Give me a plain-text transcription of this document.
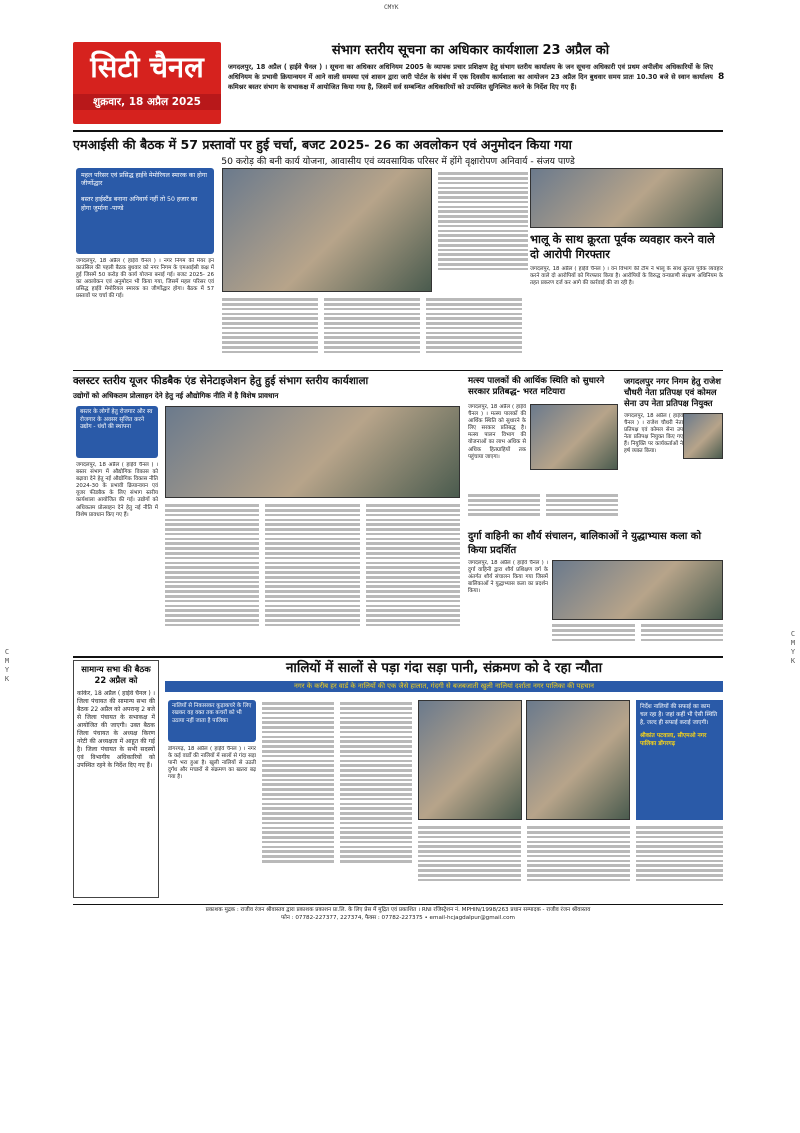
CMYK
C
M
Y
K
C
M
Y
K
सिटी चैनल
शुक्रवार, 18 अप्रैल 2025
संभाग स्तरीय सूचना का अधिकार कार्यशाला 23 अप्रैल को
जगदलपुर, 18 अप्रैल ( हाईवे चैनल ) । सूचना का अधिकार अधिनियम 2005 के व्यापक प्रचार प्रशिक्षण हेतु संभाग स्तरीय कार्यालय के जन सूचना अधिकारी एवं प्रथम अपीलीय अधिकारियों के लिए अधिनियम के प्रभावी क्रियान्वयन में आने वाली समस्या एवं शासन द्वारा जारी पोर्टल के संबंध में एक दिवसीय कार्यशाला का आयोजन 23 अप्रैल दिन बुधवार समय प्रातः 10.30 बजे से स्वान कार्यालय कमिश्नर बस्तर संभाग के सभाकक्ष में आयोजित किया गया है, जिसमें सर्व सम्बन्धित अधिकारियों को उपस्थित सुनिश्चित करने के निर्देश दिए गए हैं।
8
एमआईसी की बैठक में 57 प्रस्तावों पर हुई चर्चा, बजट 2025- 26 का अवलोकन एवं अनुमोदन किया गया
50 करोड़ की बनी कार्य योजना, आवासीय एवं व्यवसायिक परिसर में होंगे वृक्षारोपण अनिवार्य - संजय पाण्डे
महल परिसर एवं प्रसिद्ध हाईवे मेमोरियल स्मारक का होगा जीर्णोद्धार
बस्तर हाईस्टैंड बनाना अनिवार्य नहीं तो 50 हजार का होगा जुर्माना -पाण्डे
जगदलपुर, 18 अप्रैल ( हाईवे चैनल ) । नगर निगम की मेयर इन काउंसिल की पहली बैठक बुधवार को नगर निगम के एमआईसी कक्ष में हुई जिसमें 50 करोड़ की कार्य योजना बनाई गई। बजट 2025- 26 का अवलोकन एवं अनुमोदन भी किया गया, जिसमें महल परिसर एवं प्रसिद्ध हाईवे मेमोरियल स्मारक का जीर्णोद्धार होगा। बैठक में 57 प्रस्तावों पर चर्चा की गई।
भालू के साथ क्रूरता पूर्वक व्यवहार करने वाले दो आरोपी गिरफ्तार
जगदलपुर, 18 अप्रैल ( हाईवे चैनल ) । वन विभाग की टीम ने भालू के साथ क्रूरता पूर्वक व्यवहार करने वाले दो आरोपियों को गिरफ्तार किया है। आरोपियों के विरुद्ध वन्यप्राणी संरक्षण अधिनियम के तहत प्रकरण दर्ज कर आगे की कार्रवाई की जा रही है।
क्लस्टर स्तरीय यूजर फीडबैक एंड सेनेटाइजेशन हेतु हुई संभाग स्तरीय कार्यशाला
उद्योगों को अधिकतम प्रोत्साहन देने हेतु नई औद्योगिक नीति में है विशेष प्रावधान
बस्तर के लोगों हेतु रोजगार और स्व रोजगार के अवसर सृजित करने उद्योग - धंधों की स्थापना
जगदलपुर, 18 अप्रैल ( हाईवे चैनल ) । बस्तर संभाग में औद्योगिक विकास को बढ़ावा देने हेतु नई औद्योगिक विकास नीति 2024-30 के प्रभावी क्रियान्वयन एवं यूजर फीडबैक के लिए संभाग स्तरीय कार्यशाला आयोजित की गई। उद्योगों को अधिकतम प्रोत्साहन देने हेतु नई नीति में विशेष प्रावधान किए गए हैं।
मत्स्य पालकों की आर्थिक स्थिति को सुधारने सरकार प्रतिबद्ध- भरत मटियारा
जगदलपुर, 18 अप्रैल ( हाईवे चैनल ) । मत्स्य पालकों की आर्थिक स्थिति को सुधारने के लिए सरकार प्रतिबद्ध है। मत्स्य पालन विभाग की योजनाओं का लाभ अधिक से अधिक हितग्राहियों तक पहुंचाया जाएगा।
जगदलपुर नगर निगम हेतु राजेश चौधरी नेता प्रतिपक्ष एवं कोमल सेना उप नेता प्रतिपक्ष नियुक्त
जगदलपुर, 18 अप्रैल ( हाईवे चैनल ) । राजेश चौधरी नेता प्रतिपक्ष एवं कोमल सेना उप नेता प्रतिपक्ष नियुक्त किए गए हैं। नियुक्ति पर कार्यकर्ताओं ने हर्ष व्यक्त किया।
दुर्गा वाहिनी का शौर्य संचालन, बालिकाओं ने युद्धाभ्यास कला को किया प्रदर्शित
जगदलपुर, 18 अप्रैल ( हाईवे चैनल ) । दुर्गा वाहिनी द्वारा शौर्य प्रशिक्षण वर्ग के अंतर्गत शौर्य संचालन किया गया जिसमें बालिकाओं ने युद्धाभ्यास कला का प्रदर्शन किया।
सामान्य सभा की बैठक 22 अप्रैल को
कांकेर, 18 अप्रैल ( हाईवे चैनल ) । जिला पंचायत की सामान्य सभा की बैठक 22 अप्रैल को अपरान्ह 2 बजे से जिला पंचायत के सभाकक्ष में आयोजित की जाएगी। उक्त बैठक जिला पंचायत के अध्यक्ष किरण नरेटी की अध्यक्षता में आहूत की गई है। जिला पंचायत के सभी सदस्यों एवं विभागीय अधिकारियों को उपस्थित रहने के निर्देश दिए गए हैं।
नालियों में सालों से पड़ा गंदा सड़ा पानी, संक्रमण को दे रहा न्यौता
नगर के करीब हर वार्ड के नालियों की एक जैसे हालात, गंदगी से बजबजाती खुली नालियां दर्शाता नगर पालिका की पहचान
नालियों से निकासकर कूड़ाकचरे के लिए रखकर वह वक्त तक कचरों को भी उठाया नहीं जाता है पालिका
डोंगरगढ़, 18 अप्रैल ( हाईवे चैनल ) । नगर के कई वार्डों की नालियों में सालों से गंदा सड़ा पानी भरा हुआ है। खुली नालियों से उठती दुर्गंध और मच्छरों से संक्रमण का खतरा बढ़ गया है।
निर्देश नालियों की सफाई का काम चल रहा है। जहां कहीं भी ऐसी स्थिति है, जल्द ही सफाई कराई जाएगी।
श्रीकांत पटवाला, सीएमओ नगर पालिका डोंगरगढ़
प्रकाशक मुद्रक : राजीव रंजन श्रीवास्तव द्वारा प्रकाशक प्रकाशन प्रा.लि. के लिए प्रेस में मुद्रित एवं प्रकाशित । RNI रजिस्ट्रेशन नं. MPHIN/1998/263 प्रधान सम्पादक - राजीव रंजन श्रीवास्तव
फोन : 07782-227377, 227374, फैक्स : 07782-227375 • email-hcjagdalpur@gmail.com
